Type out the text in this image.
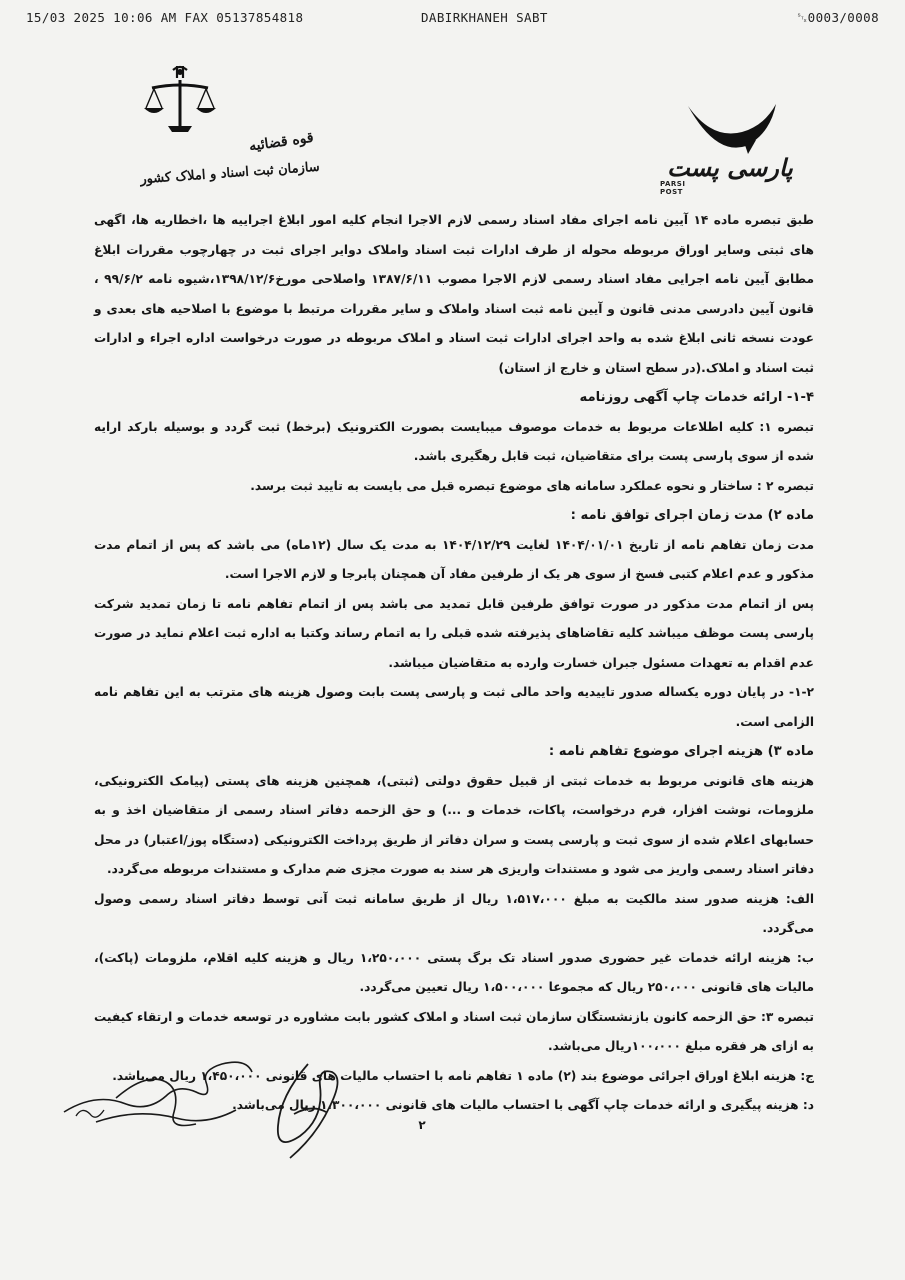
15/03 2025 10:06 AM FAX 05137854818	DABIRKHANEH SABT	␂0003/0008
قوه قضائیه
سازمان ثبت اسناد و املاک کشور	پارسی پست
PARSI POST

طبق تبصره ماده ۱۴ آیین نامه اجرای مفاد اسناد رسمی لازم الاجرا انجام کلیه امور ابلاغ اجراییه ها ،اخطاریه ها، اگهی های ثبتی وسایر اوراق مربوطه محوله از طرف ادارات ثبت اسناد واملاک دوایر اجرای ثبت در چهارچوب مقررات ابلاغ مطابق آیین نامه اجرایی مفاد اسناد رسمی لازم الاجرا مصوب ۱۳۸۷/۶/۱۱ واصلاحی مورخ۱۳۹۸/۱۲/۶،شیوه نامه ۹۹/۶/۲ ، قانون آیین دادرسی مدنی قانون و آیین نامه ثبت اسناد واملاک و سایر مقررات مرتبط با موضوع با اصلاحیه های بعدی و عودت نسخه ثانی ابلاغ شده به واحد اجرای ادارات ثبت اسناد و املاک مربوطه در صورت درخواست اداره اجراء و ادارات ثبت اسناد و املاک.(در سطح استان و خارج از استان)

۱-۴- ارائه خدمات چاپ آگهی روزنامه

تبصره ۱: کلیه اطلاعات مربوط به خدمات موصوف میبایست بصورت الکترونیک (برخط) ثبت گردد و بوسیله بارکد ارایه شده از سوی پارسی پست برای متقاضیان، ثبت قابل رهگیری باشد.

تبصره ۲ : ساختار و نحوه عملکرد سامانه های موضوع تبصره قبل می بایست به تایید ثبت برسد.

ماده ۲) مدت زمان اجرای توافق نامه :

مدت زمان تفاهم نامه از تاریخ ۱۴۰۴/۰۱/۰۱ لغایت ۱۴۰۴/۱۲/۲۹ به مدت یک سال (۱۲ماه) می باشد که پس از اتمام مدت مذکور و عدم اعلام کتبی فسخ از سوی هر یک از طرفین مفاد آن همچنان پابرجا و لازم الاجرا است.

پس از اتمام مدت مذکور در صورت توافق طرفین قابل تمدید می باشد پس از اتمام تفاهم نامه تا زمان تمدید شرکت پارسی پست موظف میباشد کلیه تقاضاهای پذیرفته شده قبلی را به اتمام رساند وکتبا به اداره ثبت اعلام نماید در صورت عدم اقدام به تعهدات مسئول جبران خسارت وارده به متقاضیان میباشد.

۱-۲- در پایان دوره یکساله صدور تاییدیه واحد مالی ثبت و پارسی پست بابت وصول هزینه های مترتب به این تفاهم نامه الزامی است.

ماده ۳) هزینه اجرای موضوع تفاهم نامه :

هزینه های قانونی مربوط به خدمات ثبتی از قبیل حقوق دولتی (ثبتی)، همچنین هزینه های پستی (پیامک الکترونیکی، ملزومات، نوشت افزار، فرم درخواست، پاکات، خدمات و ...) و حق الزحمه دفاتر اسناد رسمی از متقاضیان اخذ و به حسابهای اعلام شده از سوی ثبت و پارسی پست و سران دفاتر از طریق پرداخت الکترونیکی (دستگاه پوز/اعتبار) در محل دفاتر اسناد رسمی واریز می شود و مستندات واریزی هر سند به صورت مجزی ضم مدارک و مستندات مربوطه می‌گردد.

الف: هزینه صدور سند مالکیت به مبلغ ۱،۵۱۷،۰۰۰ ریال از طریق سامانه ثبت آنی توسط دفاتر اسناد رسمی وصول می‌گردد.

ب: هزینه ارائه خدمات غیر حضوری صدور اسناد تک برگ پستی ۱،۲۵۰،۰۰۰ ریال و هزینه کلیه اقلام، ملزومات (پاکت)، مالیات های قانونی ۲۵۰،۰۰۰ ریال که مجموعا ۱،۵۰۰،۰۰۰ ریال تعیین می‌گردد.

تبصره ۳: حق الزحمه کانون بازنشستگان سازمان ثبت اسناد و املاک کشور بابت مشاوره در توسعه خدمات و ارتقاء کیفیت به ازای هر فقره مبلغ ۱۰۰،۰۰۰ریال می‌باشد.

ج: هزینه ابلاغ اوراق اجرائی موضوع بند (۲) ماده ۱ تفاهم نامه با احتساب مالیات های قانونی ۱،۴۵۰،۰۰۰ ریال می‌باشد.

د: هزینه پیگیری و ارائه خدمات چاپ آگهی با احتساب مالیات های قانونی ۱،۳۰۰،۰۰۰ ریال می‌باشد.

۲
